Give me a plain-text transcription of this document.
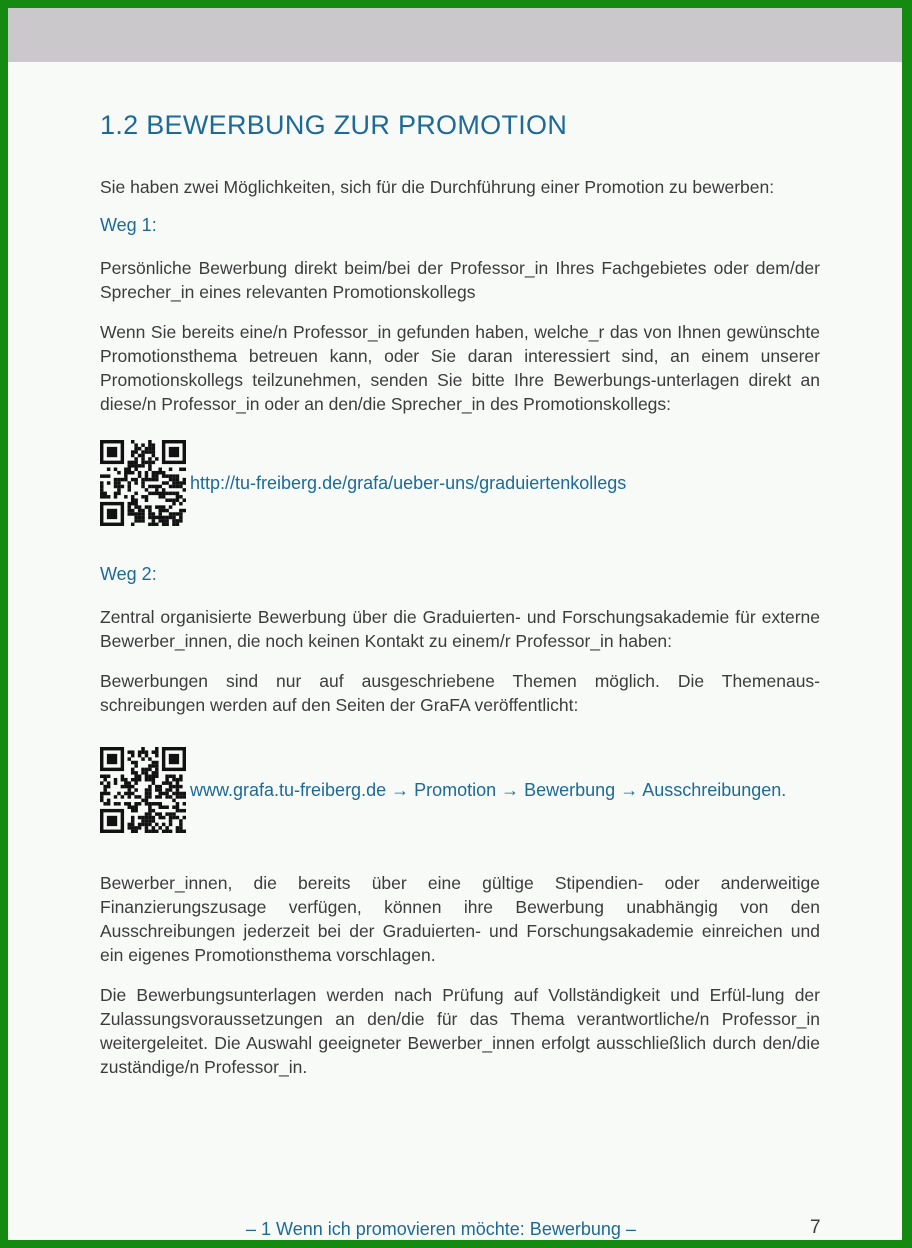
1.2 BEWERBUNG ZUR PROMOTION

Sie haben zwei Möglichkeiten, sich für die Durchführung einer Promotion zu bewerben:

Weg 1:

Persönliche Bewerbung direkt beim/bei der Professor_in Ihres Fachgebietes oder dem/der Sprecher_in eines relevanten Promotionskollegs

Wenn Sie bereits eine/n Professor_in gefunden haben, welche_r das von Ihnen gewünschte Promotionsthema betreuen kann, oder Sie daran interessiert sind, an einem unserer Promotionskollegs teilzunehmen, senden Sie bitte Ihre Bewerbungs-unterlagen direkt an diese/n Professor_in oder an den/die Sprecher_in des Promotionskollegs:

http://tu-freiberg.de/grafa/ueber-uns/graduiertenkollegs
Weg 2:

Zentral organisierte Bewerbung über die Graduierten- und Forschungsakademie für externe Bewerber_innen, die noch keinen Kontakt zu einem/r Professor_in haben:

Bewerbungen sind nur auf ausgeschriebene Themen möglich. Die Themenaus-schreibungen werden auf den Seiten der GraFA veröffentlicht:

www.grafa.tu-freiberg.de → Promotion → Bewerbung → Ausschreibungen.

Bewerber_innen, die bereits über eine gültige Stipendien- oder anderweitige Finanzierungszusage verfügen, können ihre Bewerbung unabhängig von den Ausschreibungen jederzeit bei der Graduierten- und Forschungsakademie einreichen und ein eigenes Promotionsthema vorschlagen.

Die Bewerbungsunterlagen werden nach Prüfung auf Vollständigkeit und Erfül-lung der Zulassungsvoraussetzungen an den/die für das Thema verantwortliche/n Professor_in weitergeleitet. Die Auswahl geeigneter Bewerber_innen erfolgt ausschließlich durch den/die zuständige/n Professor_in.

– 1 Wenn ich promovieren möchte: Bewerbung –	7
